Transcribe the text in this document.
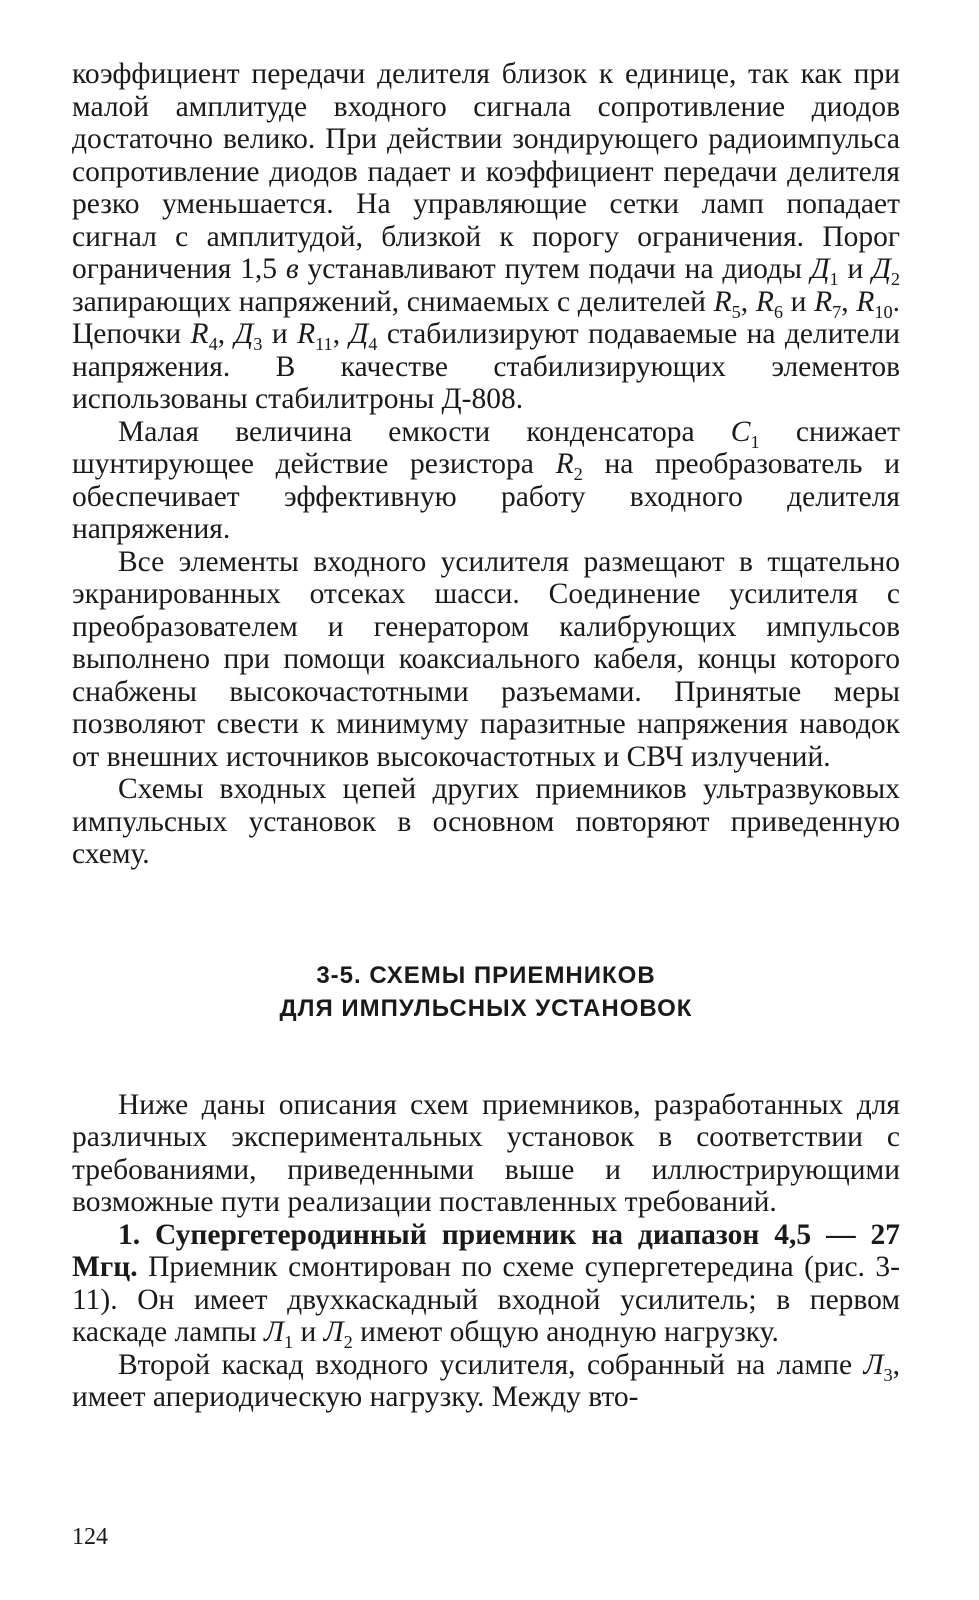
коэффициент передачи делителя близок к единице, так как при малой амплитуде входного сигнала сопротивление диодов достаточно велико. При действии зондирующего радиоимпульса сопротивление диодов падает и коэффициент передачи делителя резко уменьшается. На управляющие сетки ламп попадает сигнал с амплитудой, близкой к порогу ограничения. Порог ограничения 1,5 в устанавливают путем подачи на диоды $Д_1$ и $Д_2$ запирающих напряжений, снимаемых с делителей $R_5$, $R_6$ и $R_7$, $R_{10}$. Цепочки $R_4$, $Д_3$ и $R_{11}$, $Д_4$ стабилизируют подаваемые на делители напряжения. В качестве стабилизирующих элементов использованы стабилитроны Д-808.

Малая величина емкости конденсатора $C_1$ снижает шунтирующее действие резистора $R_2$ на преобразователь и обеспечивает эффективную работу входного делителя напряжения.

Все элементы входного усилителя размещают в тщательно экранированных отсеках шасси. Соединение усилителя с преобразователем и генератором калибрующих импульсов выполнено при помощи коаксиального кабеля, концы которого снабжены высокочастотными разъемами. Принятые меры позволяют свести к минимуму паразитные напряжения наводок от внешних источников высокочастотных и СВЧ излучений.

Схемы входных цепей других приемников ультразвуковых импульсных установок в основном повторяют приведенную схему.

3-5. СХЕМЫ ПРИЕМНИКОВ
ДЛЯ ИМПУЛЬСНЫХ УСТАНОВОК

Ниже даны описания схем приемников, разработанных для различных экспериментальных установок в соответствии с требованиями, приведенными выше и иллюстрирующими возможные пути реализации поставленных требований.

1. Супергетеродинный приемник на диапазон 4,5 — 27 Мгц. Приемник смонтирован по схеме супергетередина (рис. 3-11). Он имеет двухкаскадный входной усилитель; в первом каскаде лампы $Л_1$ и $Л_2$ имеют общую анодную нагрузку.

Второй каскад входного усилителя, собранный на лампе $Л_3$, имеет апериодическую нагрузку. Между вто-

124
